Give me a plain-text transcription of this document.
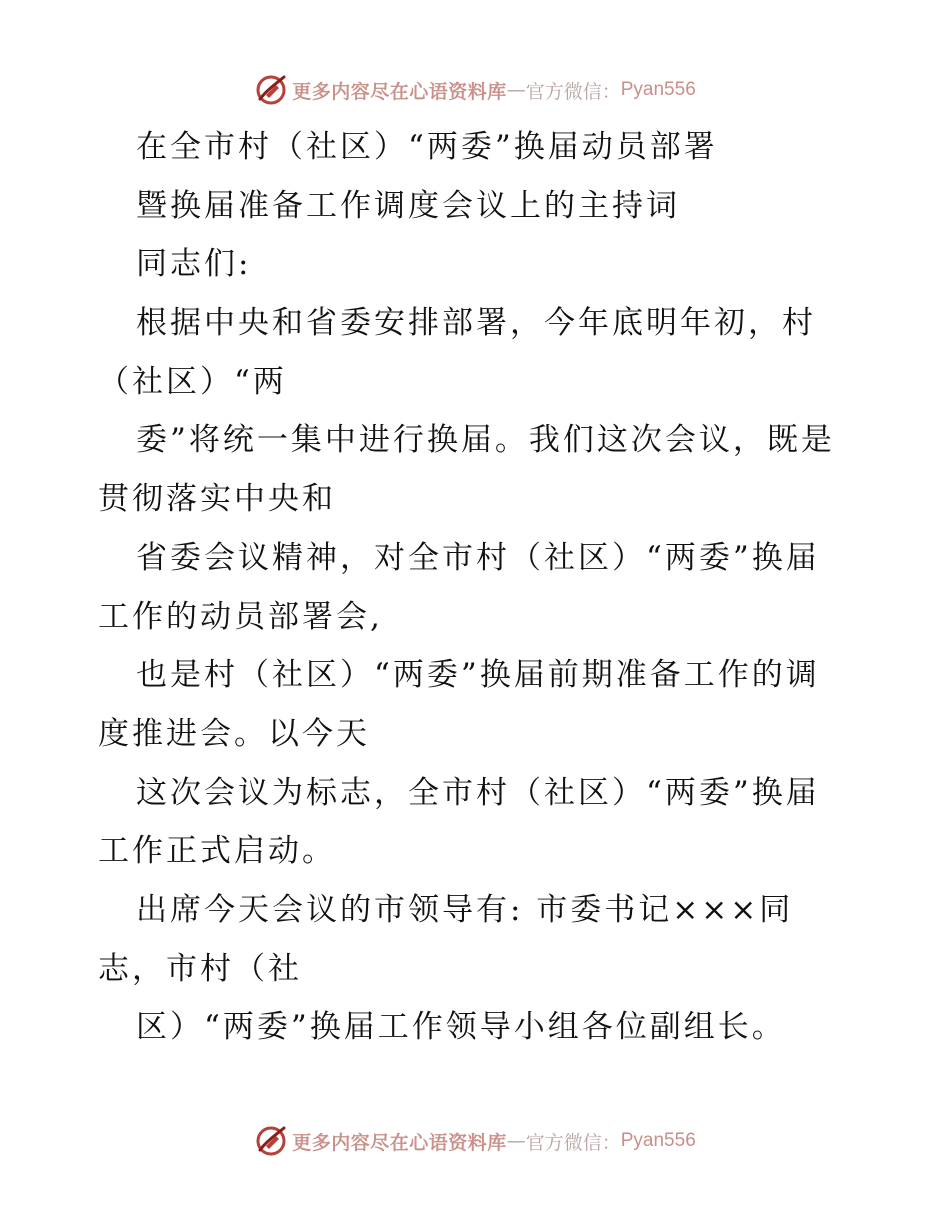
更多内容尽在心语资料库 — 官方微信： Pyan556
在全市村（社区）“两委”换届动员部署
暨换届准备工作调度会议上的主持词
同志们:
根据中央和省委安排部署，今年底明年初，村
（社区）“两
委”将统一集中进行换届。我们这次会议，既是
贯彻落实中央和
省委会议精神，对全市村（社区）“两委”换届
工作的动员部署会,
也是村（社区）“两委”换届前期准备工作的调
度推进会。以今天
这次会议为标志，全市村（社区）“两委”换届
工作正式启动。
出席今天会议的市领导有: 市委书记×××同
志，市村（社
区）“两委”换届工作领导小组各位副组长。
更多内容尽在心语资料库 — 官方微信： Pyan556
